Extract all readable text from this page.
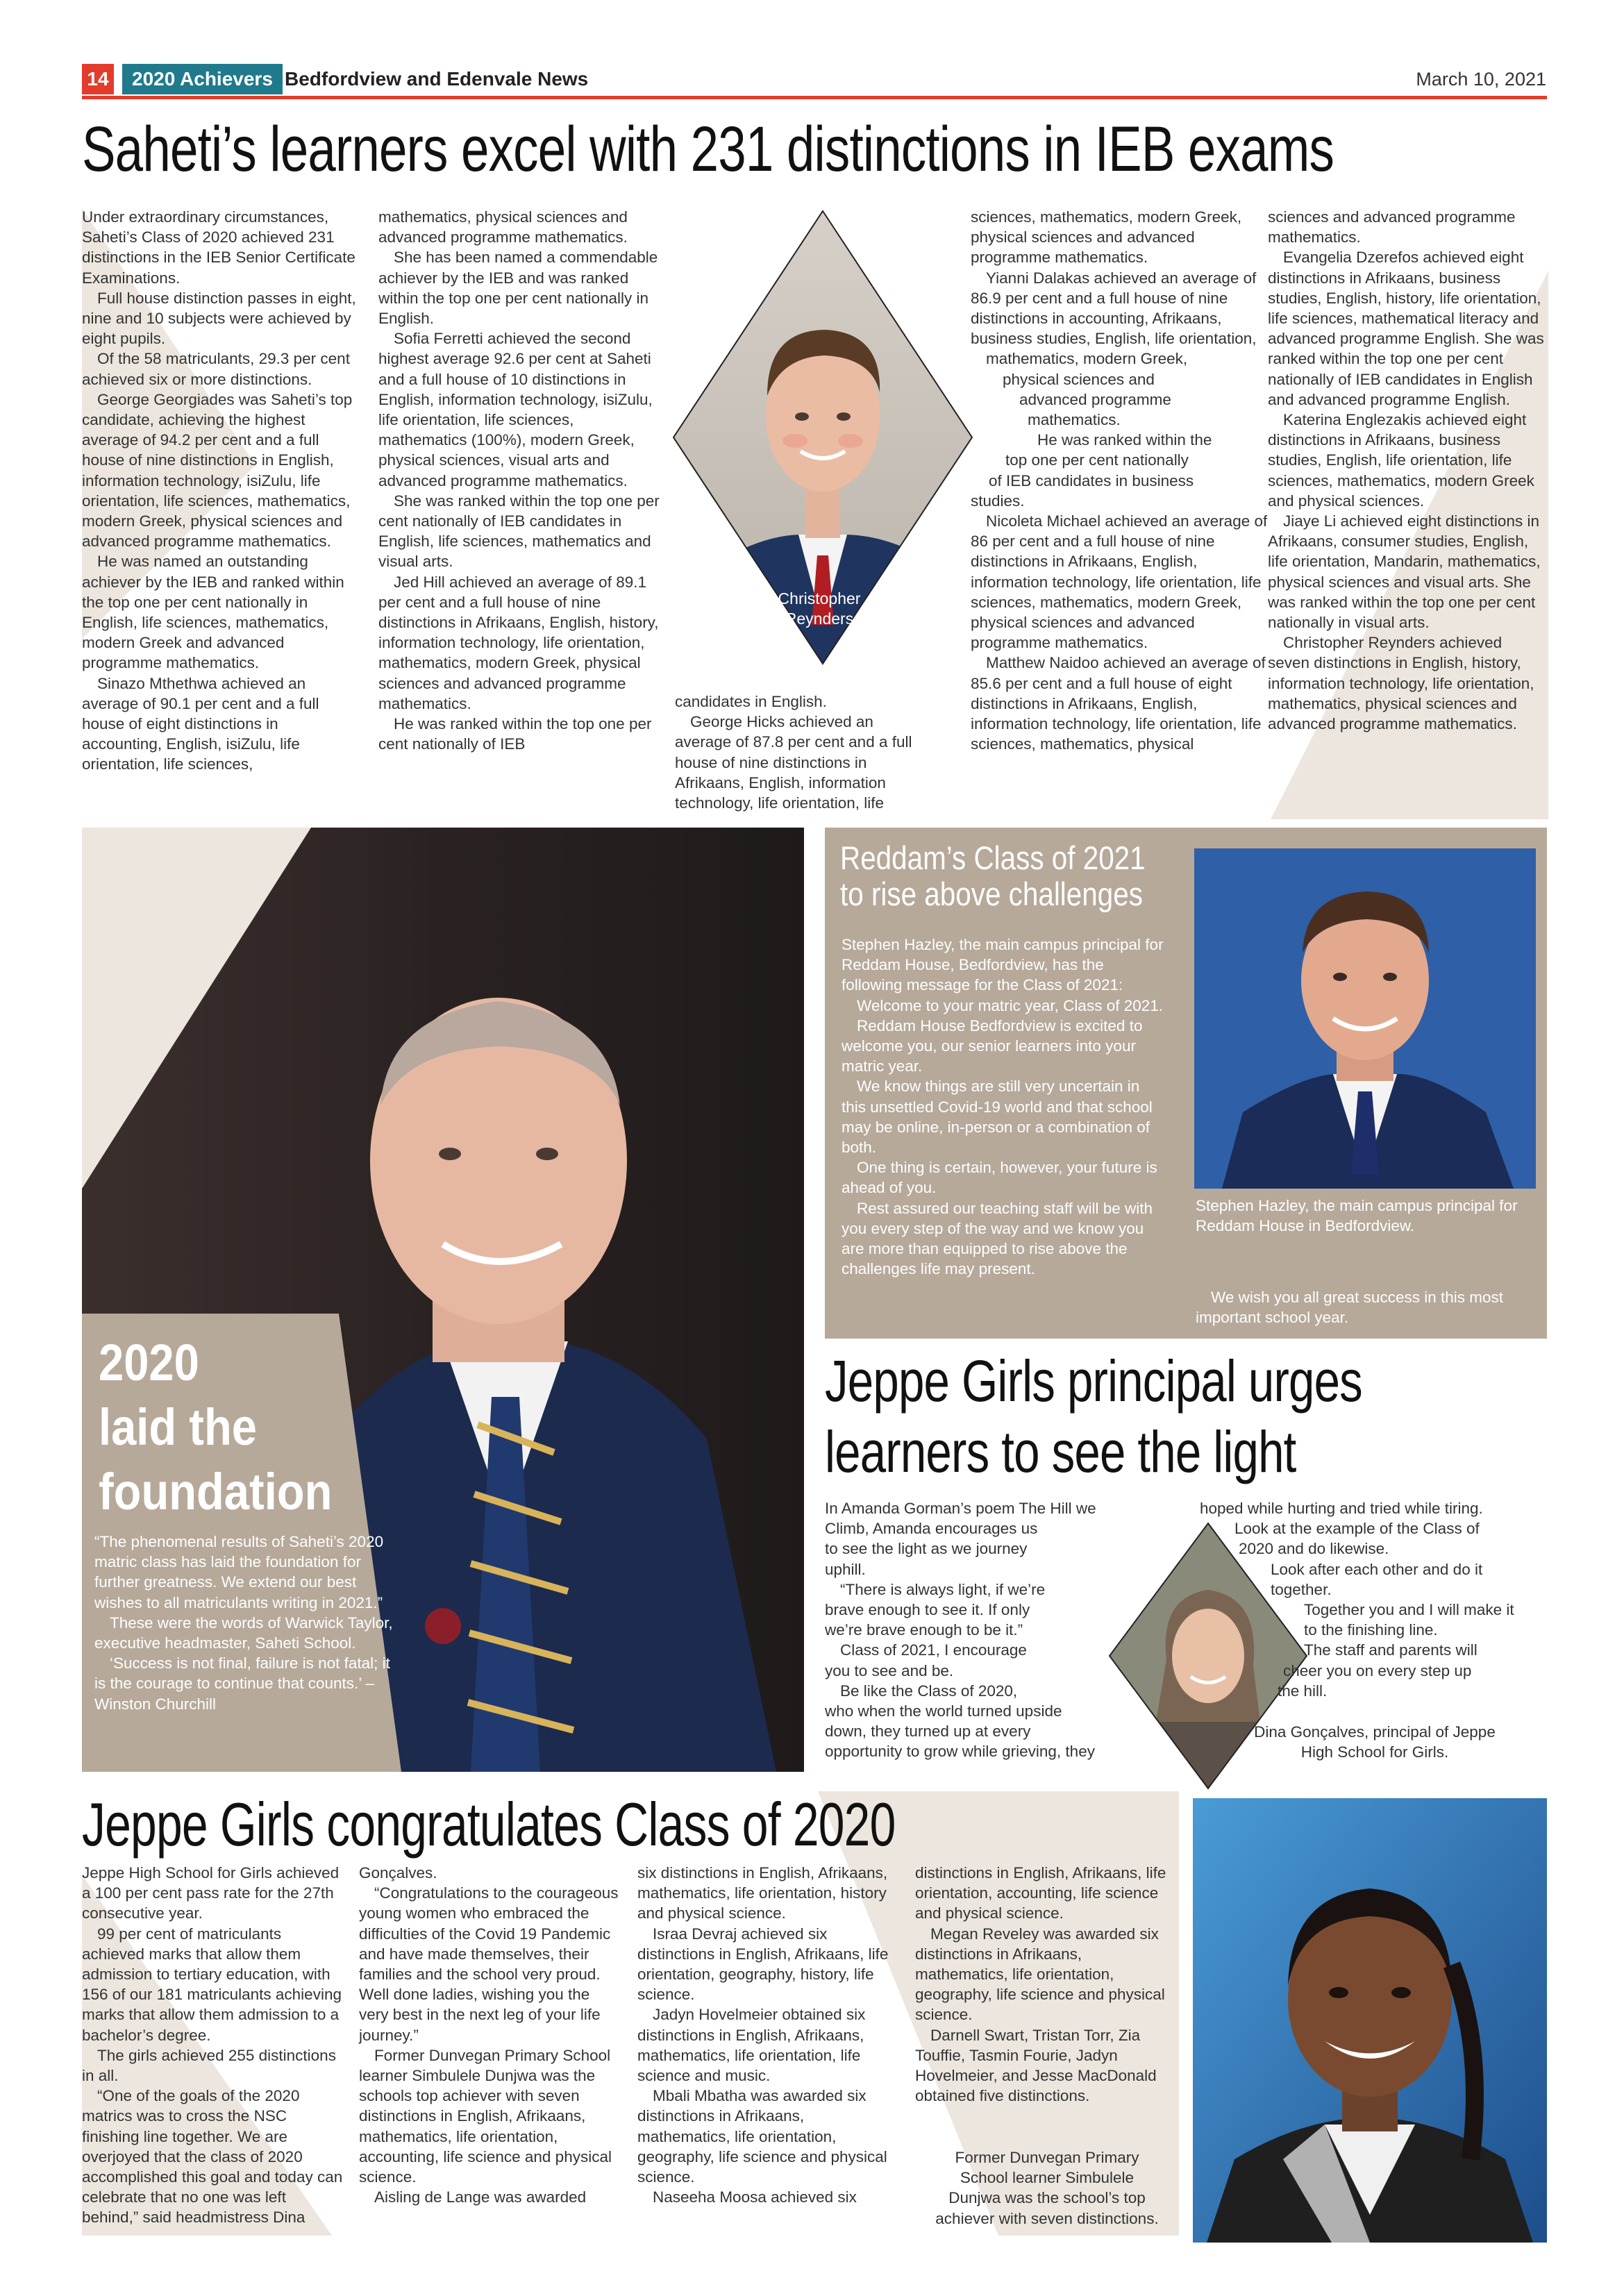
14	2020 Achievers Bedfordview and Edenvale News	March 10, 2021
Saheti’s learners excel with 231 distinctions in IEB exams

Under extraordinary circumstances, Saheti’s Class of 2020 achieved 231 distinctions in the IEB Senior Certificate Examinations.

Full house distinction passes in eight, nine and 10 subjects were achieved by eight pupils.

Of the 58 matriculants, 29.3 per cent achieved six or more distinctions.

George Georgiades was Saheti’s top candidate, achieving the highest average of 94.2 per cent and a full house of nine distinctions in English, information technology, isiZulu, life orientation, life sciences, mathematics, modern Greek, physical sciences and advanced programme mathematics.

He was named an outstanding achiever by the IEB and ranked within the top one per cent nationally in English, life sciences, mathematics, modern Greek and advanced programme mathematics.

Sinazo Mthethwa achieved an average of 90.1 per cent and a full house of eight distinctions in accounting, English, isiZulu, life orientation, life sciences,

mathematics, physical sciences and advanced programme mathematics.

She has been named a commendable achiever by the IEB and was ranked within the top one per cent nationally in English.

Sofia Ferretti achieved the second highest average 92.6 per cent at Saheti and a full house of 10 distinctions in English, information technology, isiZulu, life orientation, life sciences, mathematics (100%), modern Greek, physical sciences, visual arts and advanced programme mathematics.

She was ranked within the top one per cent nationally of IEB candidates in English, life sciences, mathematics and visual arts.

Jed Hill achieved an average of 89.1 per cent and a full house of nine distinctions in Afrikaans, English, history, information technology, life orientation, mathematics, modern Greek, physical sciences and advanced programme mathematics.

He was ranked within the top one per cent nationally of IEB

Christopher Reynders

candidates in English.

George Hicks achieved an average of 87.8 per cent and a full house of nine distinctions in Afrikaans, English, information technology, life orientation, life

sciences, mathematics, modern Greek, physical sciences and advanced programme mathematics.

Yianni Dalakas achieved an average of 86.9 per cent and a full house of nine distinctions in accounting, Afrikaans, business studies, English, life orientation,

mathematics, modern Greek,

physical sciences and

advanced programme

mathematics.

He was ranked within the

top one per cent nationally

of IEB candidates in business

studies.

Nicoleta Michael achieved an average of 86 per cent and a full house of nine distinctions in Afrikaans, English, information technology, life orientation, life sciences, mathematics, modern Greek, physical sciences and advanced programme mathematics.

Matthew Naidoo achieved an average of 85.6 per cent and a full house of eight distinctions in Afrikaans, English, information technology, life orientation, life sciences, mathematics, physical

sciences and advanced programme mathematics.

Evangelia Dzerefos achieved eight distinctions in Afrikaans, business studies, English, history, life orientation, life sciences, mathematical literacy and advanced programme English. She was ranked within the top one per cent nationally of IEB candidates in English and advanced programme English.

Katerina Englezakis achieved eight distinctions in Afrikaans, business studies, English, life orientation, life sciences, mathematics, modern Greek and physical sciences.

Jiaye Li achieved eight distinctions in Afrikaans, consumer studies, English, life orientation, Mandarin, mathematics, physical sciences and visual arts. She was ranked within the top one per cent nationally in visual arts.

Christopher Reynders achieved seven distinctions in English, history, information technology, life orientation, mathematics, physical sciences and advanced programme mathematics.

2020
laid the
foundation

“The phenomenal results of Saheti’s 2020 matric class has laid the foundation for further greatness. We extend our best wishes to all matriculants writing in 2021.”

These were the words of Warwick Taylor, executive headmaster, Saheti School.

‘Success is not final, failure is not fatal; it is the courage to continue that counts.’ – Winston Churchill

Reddam’s Class of 2021
to rise above challenges

Stephen Hazley, the main campus principal for Reddam House, Bedfordview, has the following message for the Class of 2021:

Welcome to your matric year, Class of 2021.

Reddam House Bedfordview is excited to welcome you, our senior learners into your matric year.

We know things are still very uncertain in this unsettled Covid-19 world and that school may be online, in-person or a combination of both.

One thing is certain, however, your future is ahead of you.

Rest assured our teaching staff will be with you every step of the way and we know you are more than equipped to rise above the challenges life may present.

Stephen Hazley, the main campus principal for Reddam House in Bedfordview.
We wish you all great success in this most important school year.
Jeppe Girls principal urges
learners to see the light

In Amanda Gorman’s poem The Hill we

Climb, Amanda encourages us

to see the light as we journey

uphill.

“There is always light, if we’re

brave enough to see it. If only

we’re brave enough to be it.”

Class of 2021, I encourage

you to see and be.

Be like the Class of 2020,

who when the world turned upside

down, they turned up at every

opportunity to grow while grieving, they

hoped while hurting and tried while tiring.

Look at the example of the Class of

2020 and do likewise.

Look after each other and do it

together.

Together you and I will make it

to the finishing line.

The staff and parents will

cheer you on every step up

the hill.

Dina Gonçalves, principal of Jeppe

High School for Girls.

Jeppe Girls congratulates Class of 2020

Jeppe High School for Girls achieved a 100 per cent pass rate for the 27th consecutive year.

99 per cent of matriculants achieved marks that allow them admission to tertiary education, with 156 of our 181 matriculants achieving marks that allow them admission to a bachelor’s degree.

The girls achieved 255 distinctions in all.

“One of the goals of the 2020 matrics was to cross the NSC finishing line together. We are overjoyed that the class of 2020 accomplished this goal and today can celebrate that no one was left behind,” said headmistress Dina

Gonçalves.

“Congratulations to the courageous young women who embraced the difficulties of the Covid 19 Pandemic and have made themselves, their families and the school very proud. Well done ladies, wishing you the very best in the next leg of your life journey.”

Former Dunvegan Primary School learner Simbulele Dunjwa was the schools top achiever with seven distinctions in English, Afrikaans, mathematics, life orientation, accounting, life science and physical science.

Aisling de Lange was awarded

six distinctions in English, Afrikaans, mathematics, life orientation, history and physical science.

Israa Devraj achieved six distinctions in English, Afrikaans, life orientation, geography, history, life science.

Jadyn Hovelmeier obtained six distinctions in English, Afrikaans, mathematics, life orientation, life science and music.

Mbali Mbatha was awarded six distinctions in Afrikaans, mathematics, life orientation, geography, life science and physical science.

Naseeha Moosa achieved six

distinctions in English, Afrikaans, life orientation, accounting, life science and physical science.

Megan Reveley was awarded six distinctions in Afrikaans, mathematics, life orientation, geography, life science and physical science.

Darnell Swart, Tristan Torr, Zia Touffie, Tasmin Fourie, Jadyn Hovelmeier, and Jesse MacDonald obtained five distinctions.

Former Dunvegan Primary

School learner Simbulele

Dunjwa was the school’s top

achiever with seven distinctions.
